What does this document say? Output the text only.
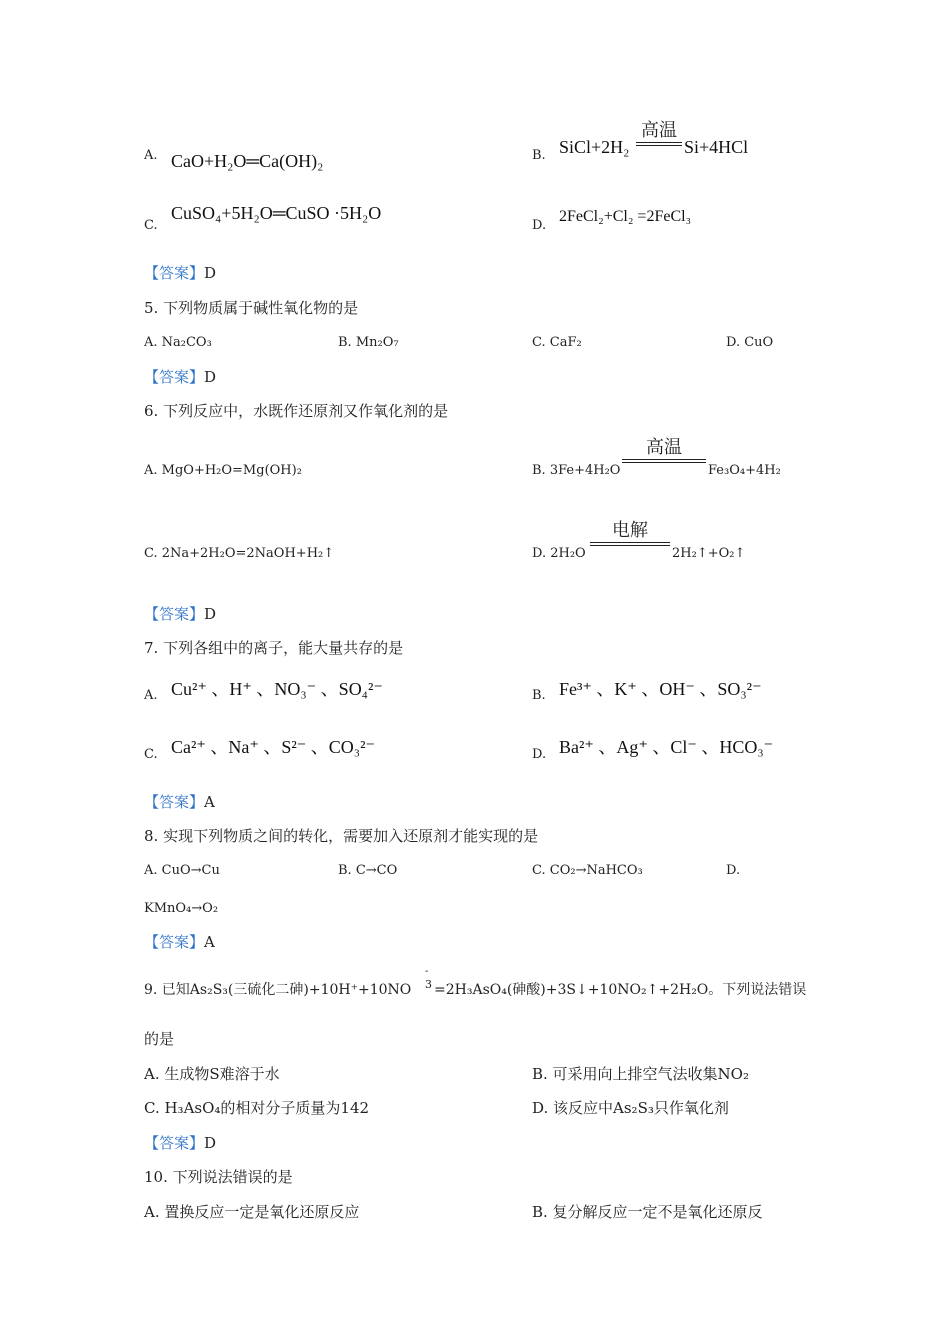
A. CaO+H₂O═Ca(OH)₂	B. SiCl+2H₂
高温
Si+4HCl
C.
CuSO₄+5H₂O═CuSO ·5H₂O
D.
2FeCl₂+Cl₂ =2FeCl₃
【答案】D
5. 下列物质属于碱性氧化物的是
A. Na₂CO₃	B. Mn₂O₇	C. CaF₂	D. CuO
【答案】D
6. 下列反应中，水既作还原剂又作氧化剂的是
A. MgO+H₂O=Mg(OH)₂	B. 3Fe+4H₂O
高温
Fe₃O₄+4H₂
C. 2Na+2H₂O=2NaOH+H₂↑	D. 2H₂O
电解
2H₂↑+O₂↑
【答案】D
7. 下列各组中的离子，能大量共存的是
A. Cu²⁺ 、H⁺ 、NO₃⁻ 、SO₄²⁻	B. Fe³⁺ 、K⁺ 、OH⁻ 、SO₃²⁻
C. Ca²⁺ 、Na⁺ 、S²⁻ 、CO₃²⁻	D. Ba²⁺ 、Ag⁺ 、Cl⁻ 、HCO₃⁻
【答案】A
8. 实现下列物质之间的转化，需要加入还原剂才能实现的是
A. CuO→Cu	B. C→CO	C. CO₂→NaHCO₃	D.
KMnO₄→O₂
【答案】A
9. 已知As₂S₃(三硫化二砷)+10H⁺+10NO
-
3 =2H₃AsO₄(砷酸)+3S↓+10NO₂↑+2H₂O。下列说法错误
的是
A. 生成物S难溶于水	B. 可采用向上排空气法收集NO₂
C. H₃AsO₄的相对分子质量为142	D. 该反应中As₂S₃只作氧化剂
【答案】D
10. 下列说法错误的是
A. 置换反应一定是氧化还原反应	B. 复分解反应一定不是氧化还原反
